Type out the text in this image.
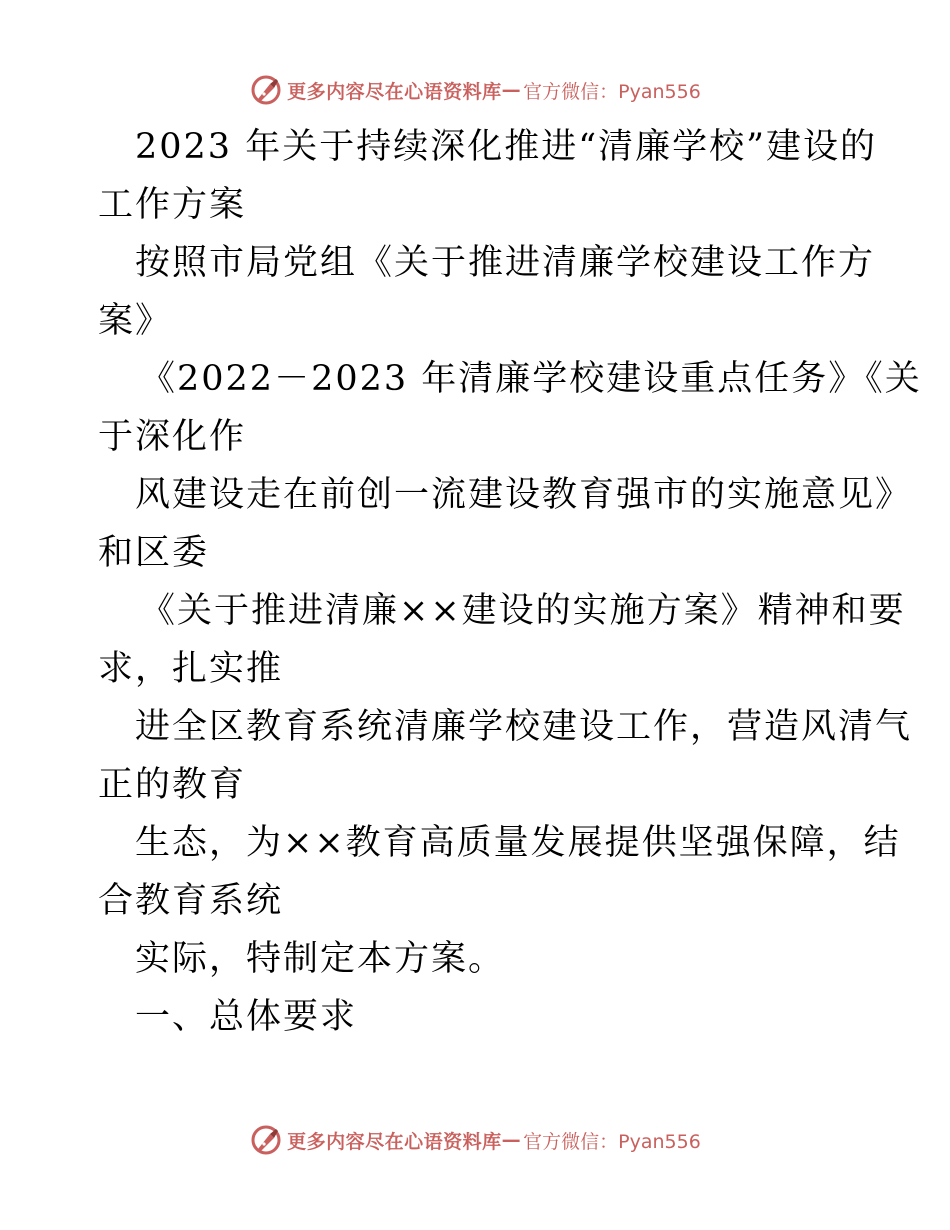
更多内容尽在心语资料库 — 官方微信：Pyan556
2023 年关于持续深化推进“清廉学校”建设的
工作方案
按照市局党组《关于推进清廉学校建设工作方
案》
《2022－2023 年清廉学校建设重点任务》《关
于深化作
风建设走在前创一流建设教育强市的实施意见》
和区委
《关于推进清廉××建设的实施方案》精神和要
求，扎实推
进全区教育系统清廉学校建设工作，营造风清气
正的教育
生态，为××教育高质量发展提供坚强保障，结
合教育系统
实际，特制定本方案。
一、总体要求
更多内容尽在心语资料库 — 官方微信：Pyan556
